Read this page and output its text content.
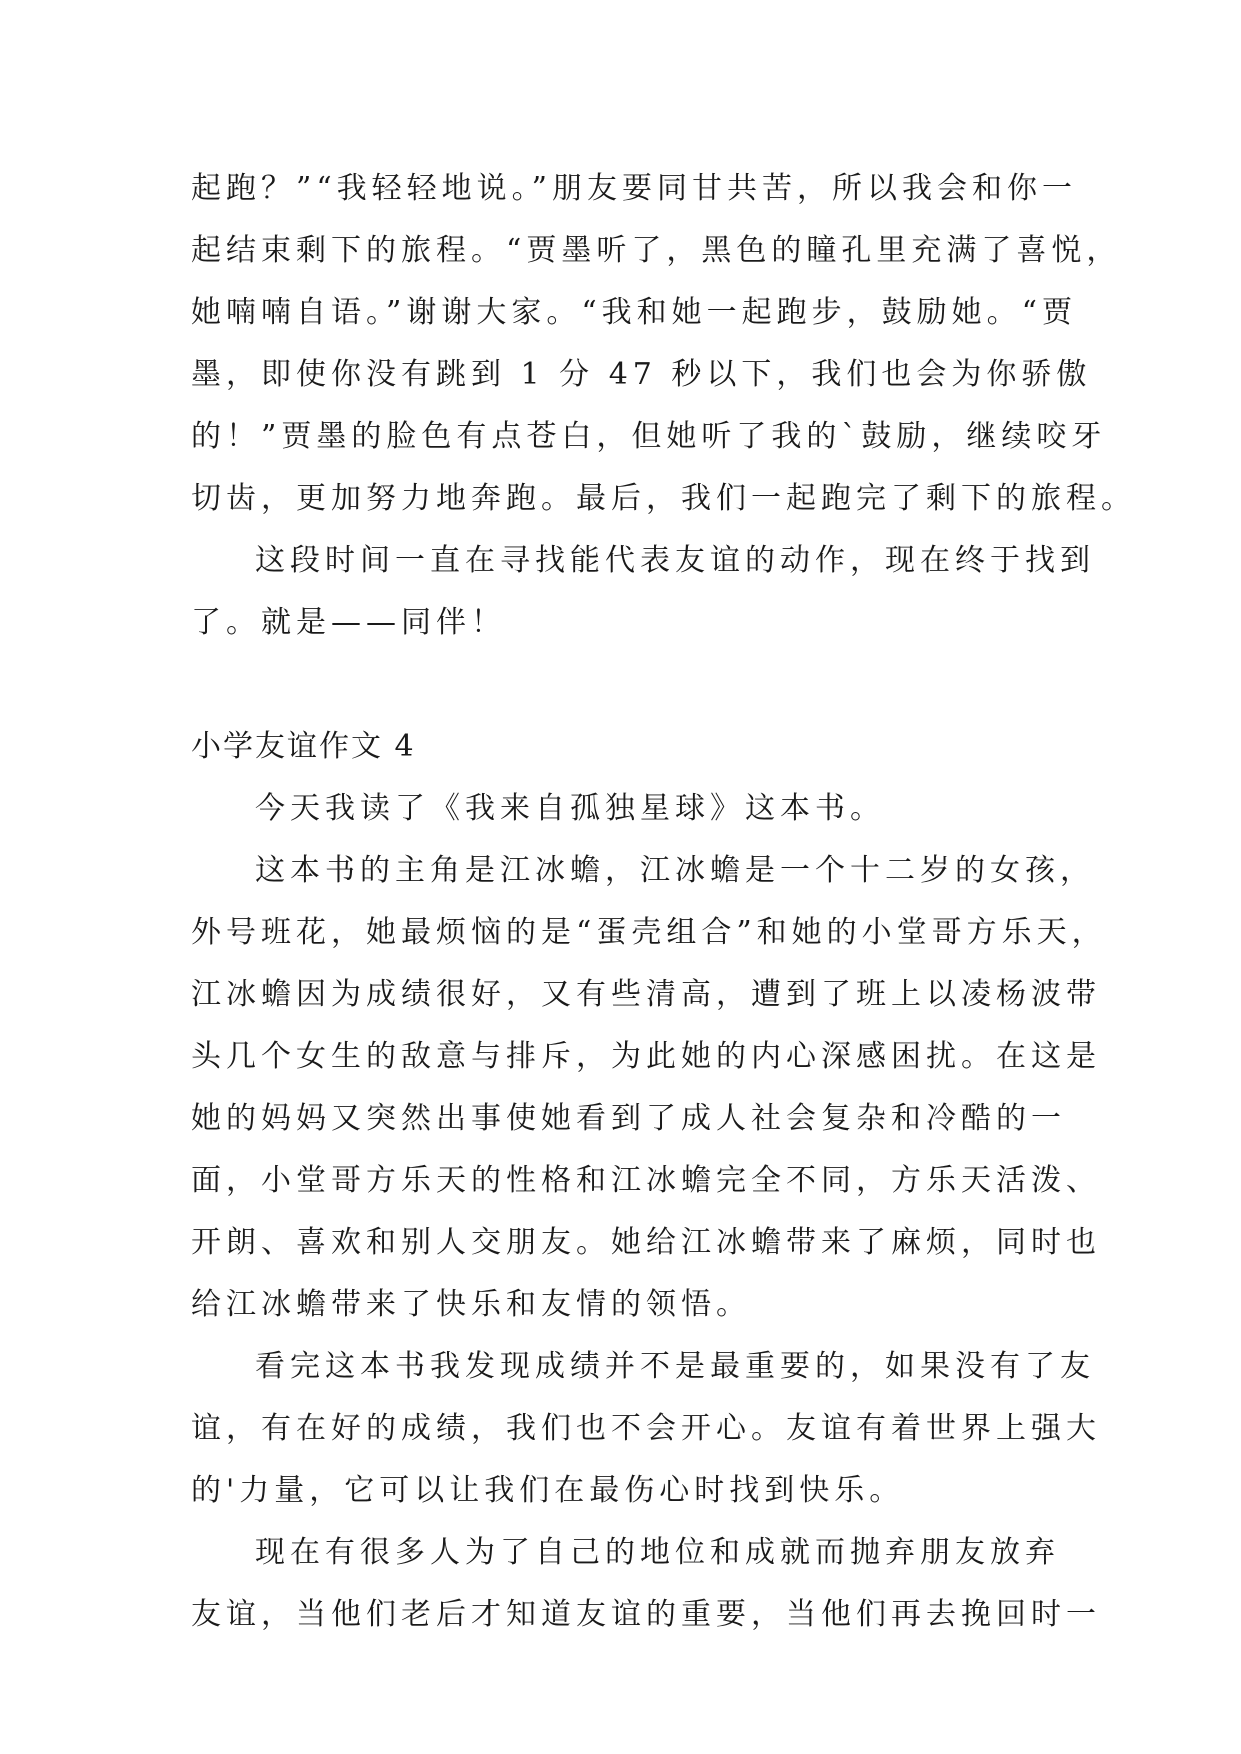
起跑？”“我轻轻地说。”朋友要同甘共苦，所以我会和你一
起结束剩下的旅程。“贾墨听了，黑色的瞳孔里充满了喜悦，
她喃喃自语。”谢谢大家。“我和她一起跑步，鼓励她。“贾
墨，即使你没有跳到 1 分 47 秒以下，我们也会为你骄傲
的！”贾墨的脸色有点苍白，但她听了我的`鼓励，继续咬牙
切齿，更加努力地奔跑。最后，我们一起跑完了剩下的旅程。
这段时间一直在寻找能代表友谊的动作，现在终于找到
了。就是——同伴！
小学友谊作文 4
今天我读了《我来自孤独星球》这本书。
这本书的主角是江冰蟾，江冰蟾是一个十二岁的女孩，
外号班花，她最烦恼的是“蛋壳组合”和她的小堂哥方乐天，
江冰蟾因为成绩很好，又有些清高，遭到了班上以凌杨波带
头几个女生的敌意与排斥，为此她的内心深感困扰。在这是
她的妈妈又突然出事使她看到了成人社会复杂和冷酷的一
面，小堂哥方乐天的性格和江冰蟾完全不同，方乐天活泼、
开朗、喜欢和别人交朋友。她给江冰蟾带来了麻烦，同时也
给江冰蟾带来了快乐和友情的领悟。
看完这本书我发现成绩并不是最重要的，如果没有了友
谊，有在好的成绩，我们也不会开心。友谊有着世界上强大
的'力量，它可以让我们在最伤心时找到快乐。
现在有很多人为了自己的地位和成就而抛弃朋友放弃
友谊，当他们老后才知道友谊的重要，当他们再去挽回时一
